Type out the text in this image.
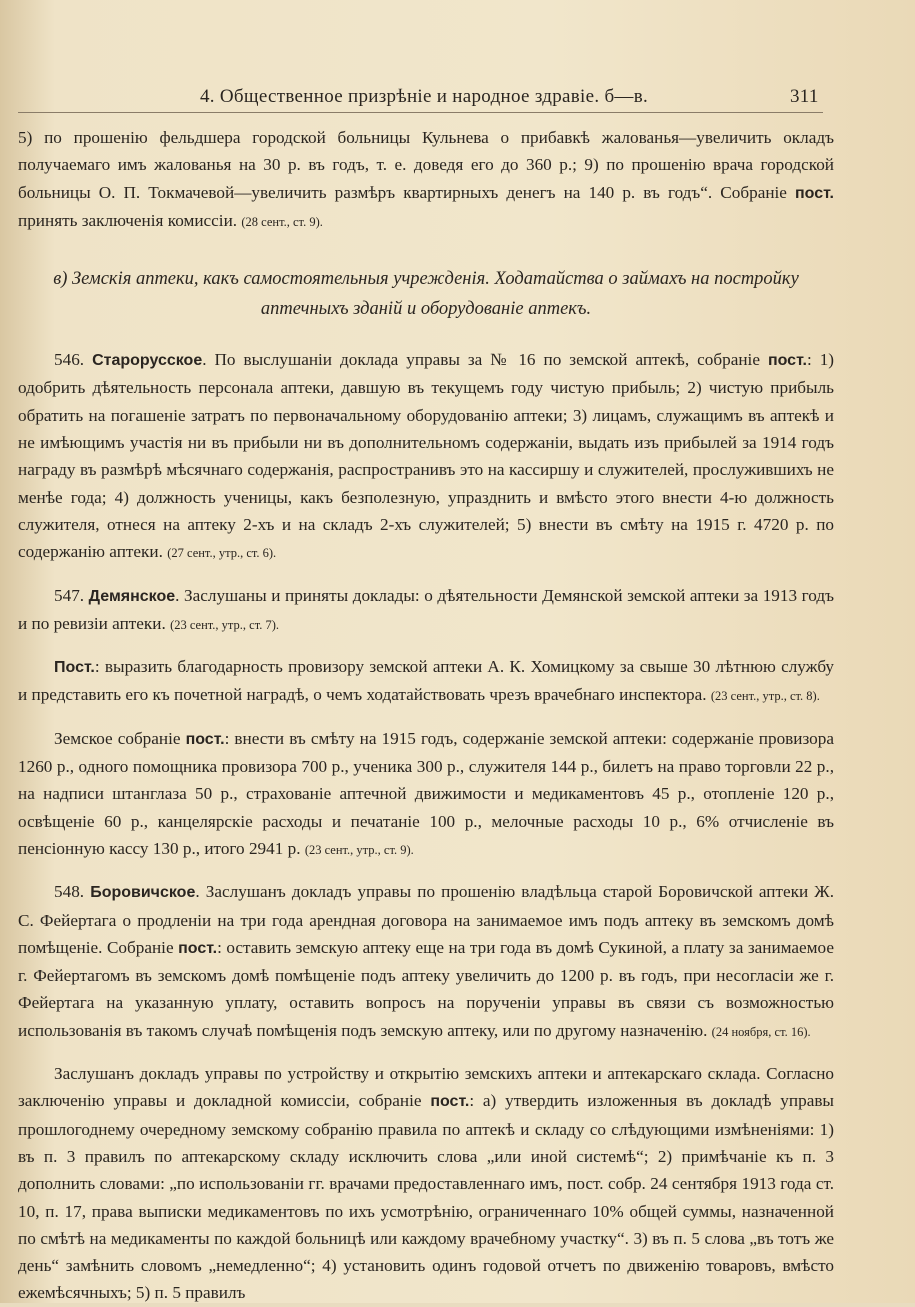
4. Общественное призрѣніе и народное здравіе. б—в.	311

5) по прошенію фельдшера городской больницы Кульнева о прибавкѣ жалованья—увеличить окладъ получаемаго имъ жалованья на 30 р. въ годъ, т. е. доведя его до 360 р.; 9) по прошенію врача городской больницы О. П. Токмачевой—увеличить размѣръ квартирныхъ денегъ на 140 р. въ годъ“. Собраніе пост. принять заключенія комиссіи. (28 сент., ст. 9).

в) Земскія аптеки, какъ самостоятельныя учрежденія. Ходатайства о займахъ на постройку аптечныхъ зданій и оборудованіе аптекъ.

546. Старорусское. По выслушаніи доклада управы за № 16 по земской аптекѣ, собраніе пост.: 1) одобрить дѣятельность персонала аптеки, давшую въ текущемъ году чистую прибыль; 2) чистую прибыль обратить на погашеніе затратъ по первоначальному оборудованію аптеки; 3) лицамъ, служащимъ въ аптекѣ и не имѣющимъ участія ни въ прибыли ни въ дополнительномъ содержаніи, выдать изъ прибылей за 1914 годъ награду въ размѣрѣ мѣсячнаго содержанія, распространивъ это на кассиршу и служителей, прослужившихъ не менѣе года; 4) должность ученицы, какъ безполезную, упразднить и вмѣсто этого внести 4-ю должность служителя, отнеся на аптеку 2-хъ и на складъ 2-хъ служителей; 5) внести въ смѣту на 1915 г. 4720 р. по содержанію аптеки. (27 сент., утр., ст. 6).

547. Демянское. Заслушаны и приняты доклады: о дѣятельности Демянской земской аптеки за 1913 годъ и по ревизіи аптеки. (23 сент., утр., ст. 7).

Пост.: выразить благодарность провизору земской аптеки А. К. Хомицкому за свыше 30 лѣтнюю службу и представить его къ почетной наградѣ, о чемъ ходатайствовать чрезъ врачебнаго инспектора. (23 сент., утр., ст. 8).

Земское собраніе пост.: внести въ смѣту на 1915 годъ, содержаніе земской аптеки: содержаніе провизора 1260 р., одного помощника провизора 700 р., ученика 300 р., служителя 144 р., билетъ на право торговли 22 р., на надписи штанглаза 50 р., страхованіе аптечной движимости и медикаментовъ 45 р., отопленіе 120 р., освѣщеніе 60 р., канцелярскіе расходы и печатаніе 100 р., мелочные расходы 10 р., 6% отчисленіе въ пенсіонную кассу 130 р., итого 2941 р. (23 сент., утр., ст. 9).

548. Боровичское. Заслушанъ докладъ управы по прошенію владѣльца старой Боровичской аптеки Ж. С. Фейертага о продленіи на три года арендная договора на занимаемое имъ подъ аптеку въ земскомъ домѣ помѣщеніе. Собраніе пост.: оставить земскую аптеку еще на три года въ домѣ Сукиной, а плату за занимаемое г. Фейертагомъ въ земскомъ домѣ помѣщеніе подъ аптеку увеличить до 1200 р. въ годъ, при несогласіи же г. Фейертага на указанную уплату, оставить вопросъ на порученіи управы въ связи съ возможностью использованія въ такомъ случаѣ помѣщенія подъ земскую аптеку, или по другому назначенію. (24 ноября, ст. 16).

Заслушанъ докладъ управы по устройству и открытію земскихъ аптеки и аптекарскаго склада. Согласно заключенію управы и докладной комиссіи, собраніе пост.: а) утвердить изложенныя въ докладѣ управы прошлогоднему очередному земскому собранію правила по аптекѣ и складу со слѣдующими измѣненіями: 1) въ п. 3 правилъ по аптекарскому складу исключить слова „или иной системѣ“; 2) примѣчаніе къ п. 3 дополнить словами: „по использованіи гг. врачами предоставленнаго имъ, пост. собр. 24 сентября 1913 года ст. 10, п. 17, права выписки медикаментовъ по ихъ усмотрѣнію, ограниченнаго 10% общей суммы, назначенной по смѣтѣ на медикаменты по каждой больницѣ или каждому врачебному участку“. 3) въ п. 5 слова „въ тотъ же день“ замѣнить словомъ „немедленно“; 4) установить одинъ годовой отчетъ по движенію товаровъ, вмѣсто ежемѣсячныхъ; 5) п. 5 правилъ
